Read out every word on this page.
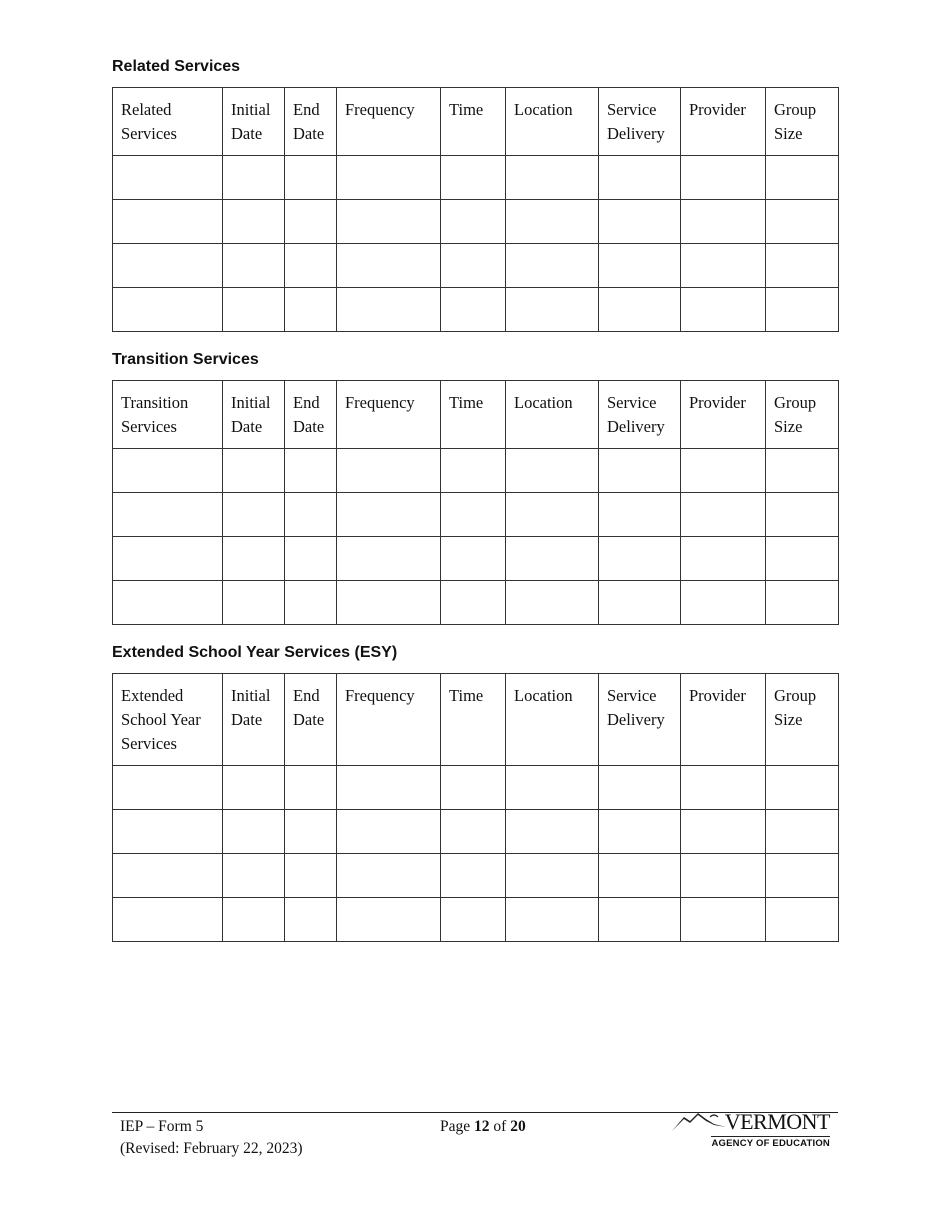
Related Services
Related Services	Initial Date	End Date	Frequency	Time	Location	Service Delivery	Provider	Group Size

Transition Services
Transition Services	Initial Date	End Date	Frequency	Time	Location	Service Delivery	Provider	Group Size

Extended School Year Services (ESY)
Extended School Year Services	Initial Date	End Date	Frequency	Time	Location	Service Delivery	Provider	Group Size

IEP – Form 5
(Revised: February 22, 2023)
Page 12 of 20	VERMONT
AGENCY OF EDUCATION
